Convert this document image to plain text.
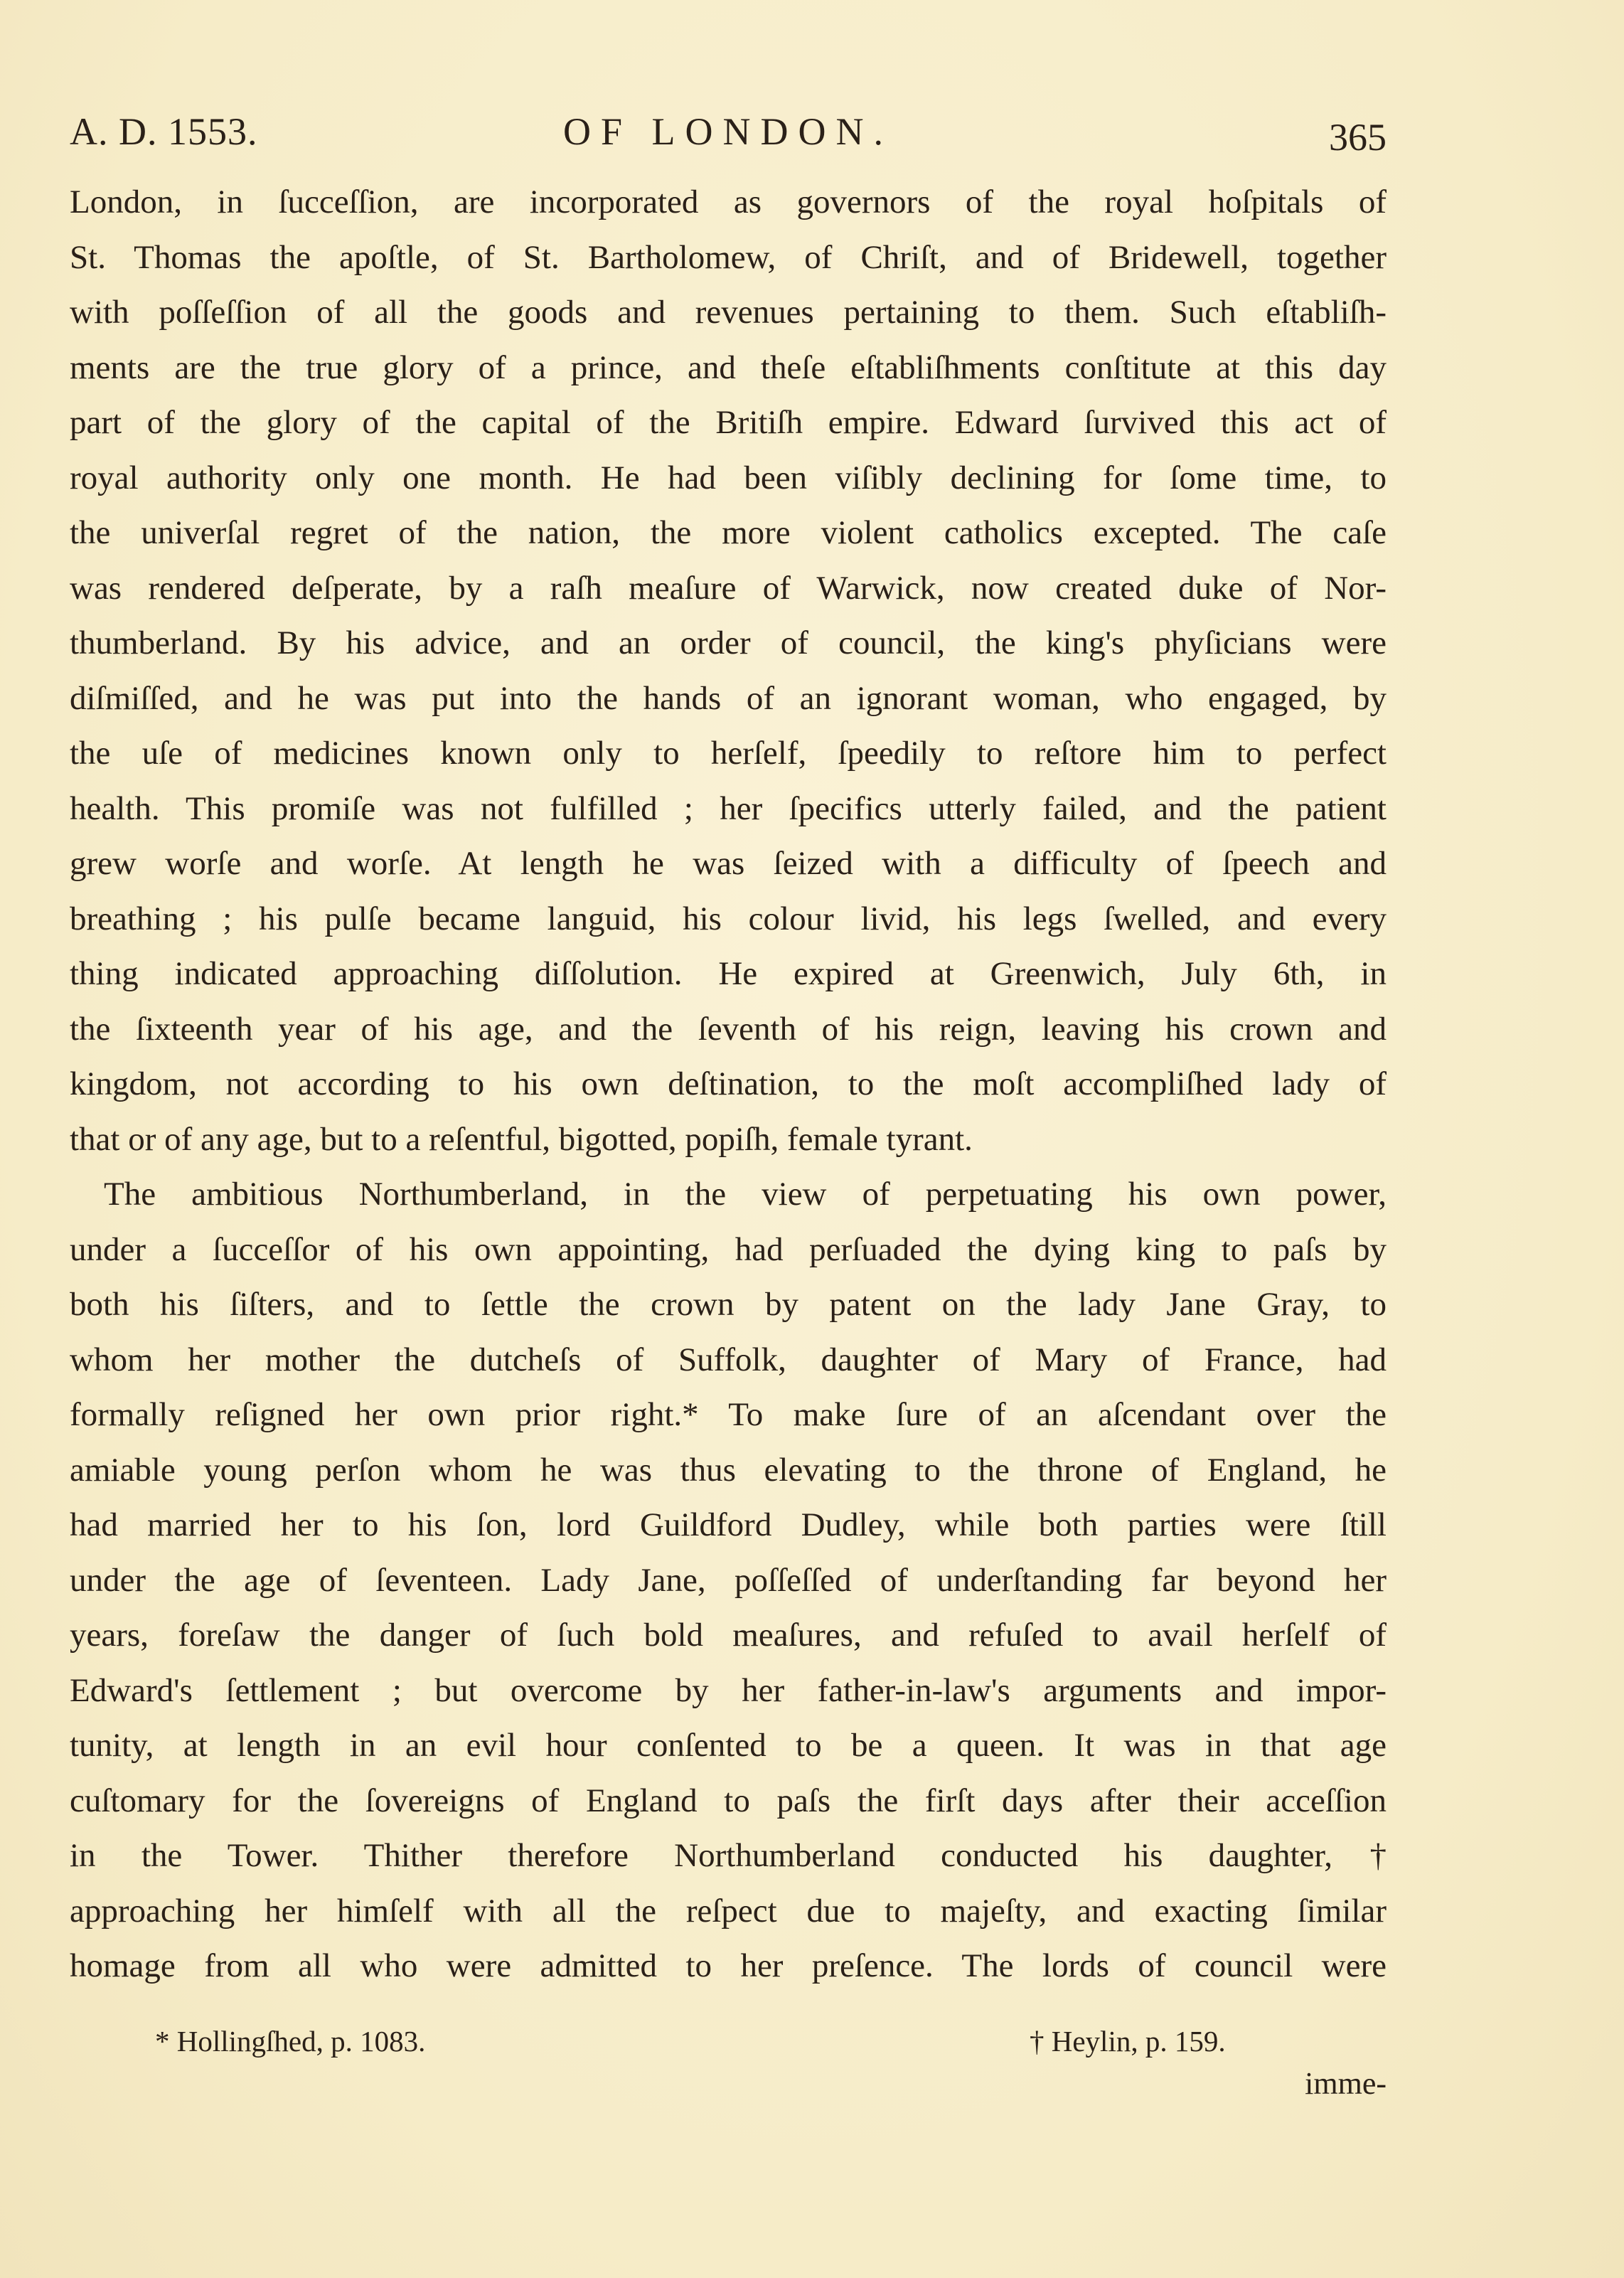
A. D. 1553.	OF LONDON.	365
London, in ſucceſſion, are incorporated as governors of the royal hoſpitals of
St. Thomas the apoſtle, of St. Bartholomew, of Chriſt, and of Bridewell, together
with poſſeſſion of all the goods and revenues pertaining to them. Such eſtabliſh-
ments are the true glory of a prince, and theſe eſtabliſhments conſtitute at this day
part of the glory of the capital of the Britiſh empire. Edward ſurvived this act of
royal authority only one month. He had been viſibly declining for ſome time, to
the univerſal regret of the nation, the more violent catholics excepted. The caſe
was rendered deſperate, by a raſh meaſure of Warwick, now created duke of Nor-
thumberland. By his advice, and an order of council, the king's phyſicians were
diſmiſſed, and he was put into the hands of an ignorant woman, who engaged, by
the uſe of medicines known only to herſelf, ſpeedily to reſtore him to perfect
health. This promiſe was not fulfilled ; her ſpecifics utterly failed, and the patient
grew worſe and worſe. At length he was ſeized with a difficulty of ſpeech and
breathing ; his pulſe became languid, his colour livid, his legs ſwelled, and every
thing indicated approaching diſſolution. He expired at Greenwich, July 6th, in
the ſixteenth year of his age, and the ſeventh of his reign, leaving his crown and
kingdom, not according to his own deſtination, to the moſt accompliſhed lady of
that or of any age, but to a reſentful, bigotted, popiſh, female tyrant.
The ambitious Northumberland, in the view of perpetuating his own power,
under a ſucceſſor of his own appointing, had perſuaded the dying king to paſs by
both his ſiſters, and to ſettle the crown by patent on the lady Jane Gray, to
whom her mother the dutcheſs of Suffolk, daughter of Mary of France, had
formally reſigned her own prior right.* To make ſure of an aſcendant over the
amiable young perſon whom he was thus elevating to the throne of England, he
had married her to his ſon, lord Guildford Dudley, while both parties were ſtill
under the age of ſeventeen. Lady Jane, poſſeſſed of underſtanding far beyond her
years, foreſaw the danger of ſuch bold meaſures, and refuſed to avail herſelf of
Edward's ſettlement ; but overcome by her father-in-law's arguments and impor-
tunity, at length in an evil hour conſented to be a queen. It was in that age
cuſtomary for the ſovereigns of England to paſs the firſt days after their acceſſion
in the Tower. Thither therefore Northumberland conducted his daughter,†
approaching her himſelf with all the reſpect due to majeſty, and exacting ſimilar
homage from all who were admitted to her preſence. The lords of council were
* Hollingſhed, p. 1083.	† Heylin, p. 159.
imme-
